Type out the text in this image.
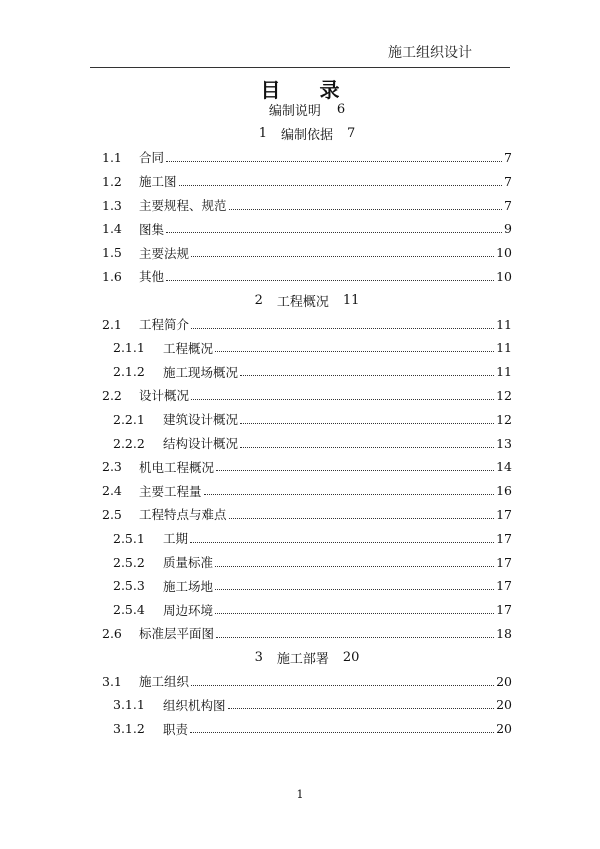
施工组织设计
目 录
编制说明 6
1 编制依据 7
1.1	合同	7
1.2	施工图	7
1.3	主要规程、规范	7
1.4	图集	9
1.5	主要法规	10
1.6	其他	10
2 工程概况 11
2.1	工程简介	11
2.1.1	工程概况	11
2.1.2	施工现场概况	11
2.2	设计概况	12
2.2.1	建筑设计概况	12
2.2.2	结构设计概况	13
2.3	机电工程概况	14
2.4	主要工程量	16
2.5	工程特点与难点	17
2.5.1	工期	17
2.5.2	质量标准	17
2.5.3	施工场地	17
2.5.4	周边环境	17
2.6	标准层平面图	18
3 施工部署 20
3.1	施工组织	20
3.1.1	组织机构图	20
3.1.2	职责	20
1
